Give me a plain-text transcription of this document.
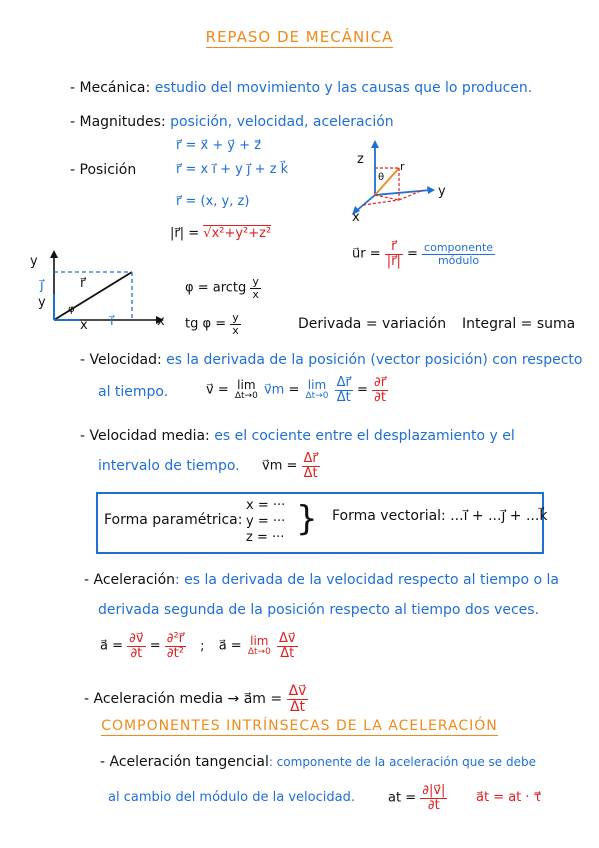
REPASO DE MECÁNICA
- Mecánica: estudio del movimiento y las causas que lo producen.
- Magnitudes: posición, velocidad, aceleración
- Posición
r⃗ = x⃗ + y⃗ + z⃗
r⃗ = x i⃗ + y j⃗ + z k⃗
r⃗ = (x, y, z)
|r⃗| = √x²+y²+z²
z
y
x
r
θ
u⃗r = $\frac{r⃗}{|r⃗|} = \frac{\text{componente}}{\text{módulo}}$
y
x
j⃗
i⃗
r⃗
φ
y
x
φ = arctg $\frac{y}{x}$
tg $\varphi = \frac{y}{x}$	Derivada = variación Integral = suma
- Velocidad: es la derivada de la posición (vector posición) con respecto
al tiempo.	v⃗ = lim
Δt→0 v⃗m = lim
Δt→0
$\frac{\Delta r⃗}{\Delta t} = \frac{\partial r⃗}{\partial t}$
- Velocidad media: es el cociente entre el desplazamiento y el
intervalo de tiempo. v⃗m = $\frac{\Delta r⃗}{\Delta t}$
Forma paramétrica:
x = ···
y = ···
z = ··· } Forma vectorial: ...i⃗ + ...j⃗ + ...k⃗
- Aceleración: es la derivada de la velocidad respecto al tiempo o la
derivada segunda de la posición respecto al tiempo dos veces.
a⃗ = $\frac{\partial v⃗}{\partial t} = \frac{\text{∂²r⃗}}{\text{∂t²}}$ ; a⃗ = lim
Δt→0
$\frac{\Delta v⃗}{\Delta t}$
- Aceleración media → a⃗m = $\frac{\Delta v⃗}{\Delta t}$
COMPONENTES INTRÍNSECAS DE LA ACELERACIÓN
- Aceleración tangencial: componente de la aceleración que se debe
al cambio del módulo de la velocidad.	at = $\frac{\partial|v⃗|}{\partial t}$ a⃗t = at · τ⃗
